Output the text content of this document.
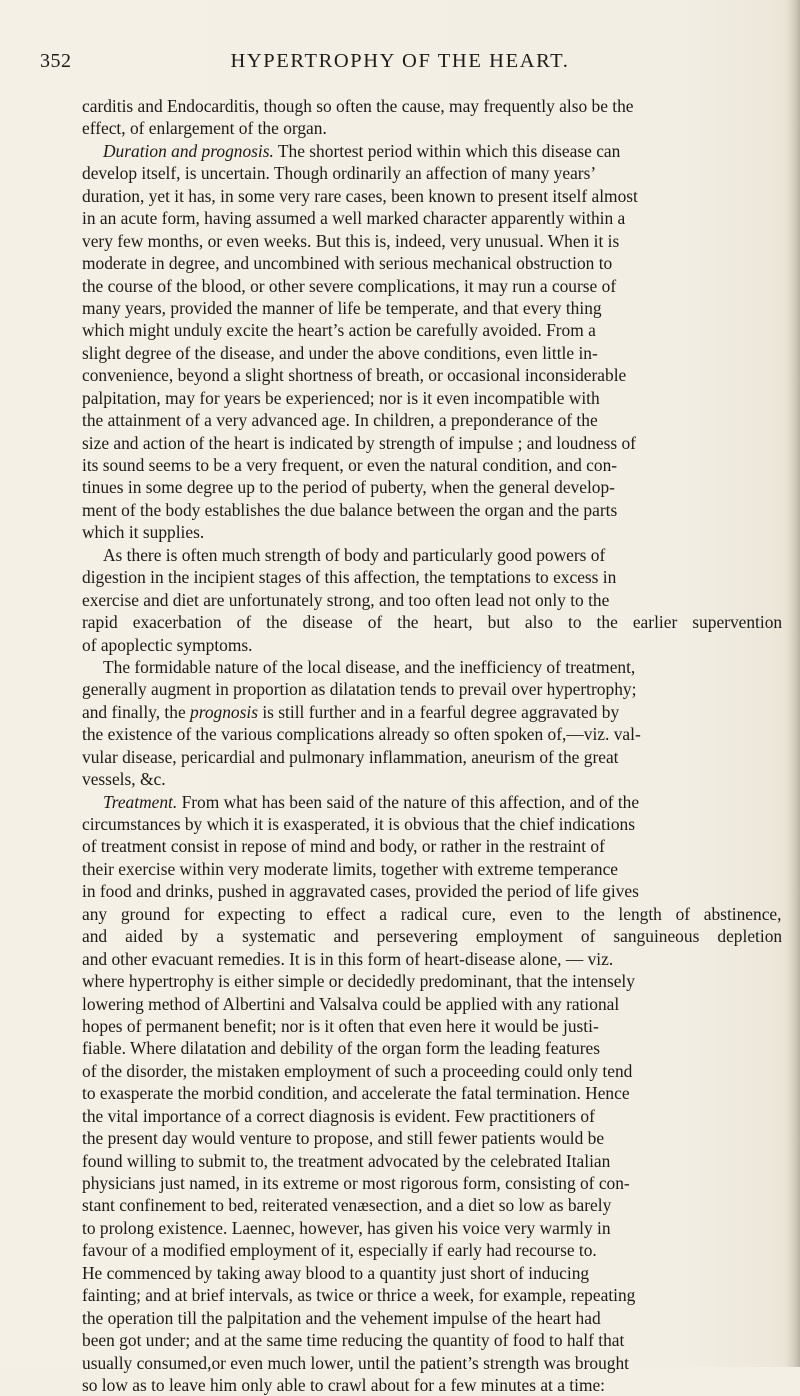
352	HYPERTROPHY OF THE HEART.
carditis and Endocarditis, though so often the cause, may frequently also be the
effect, of enlargement of the organ.
Duration and prognosis. The shortest period within which this disease can
develop itself, is uncertain. Though ordinarily an affection of many years’
duration, yet it has, in some very rare cases, been known to present itself almost
in an acute form, having assumed a well marked character apparently within a
very few months, or even weeks. But this is, indeed, very unusual. When it is
moderate in degree, and uncombined with serious mechanical obstruction to
the course of the blood, or other severe complications, it may run a course of
many years, provided the manner of life be temperate, and that every thing
which might unduly excite the heart’s action be carefully avoided. From a
slight degree of the disease, and under the above conditions, even little in-
convenience, beyond a slight shortness of breath, or occasional inconsiderable
palpitation, may for years be experienced; nor is it even incompatible with
the attainment of a very advanced age. In children, a preponderance of the
size and action of the heart is indicated by strength of impulse ; and loudness of
its sound seems to be a very frequent, or even the natural condition, and con-
tinues in some degree up to the period of puberty, when the general develop-
ment of the body establishes the due balance between the organ and the parts
which it supplies.
As there is often much strength of body and particularly good powers of
digestion in the incipient stages of this affection, the temptations to excess in
exercise and diet are unfortunately strong, and too often lead not only to the
rapid exacerbation of the disease of the heart, but also to the earlier supervention
of apoplectic symptoms.
The formidable nature of the local disease, and the inefficiency of treatment,
generally augment in proportion as dilatation tends to prevail over hypertrophy;
and finally, the prognosis is still further and in a fearful degree aggravated by
the existence of the various complications already so often spoken of,—viz. val-
vular disease, pericardial and pulmonary inflammation, aneurism of the great
vessels, &c.
Treatment. From what has been said of the nature of this affection, and of the
circumstances by which it is exasperated, it is obvious that the chief indications
of treatment consist in repose of mind and body, or rather in the restraint of
their exercise within very moderate limits, together with extreme temperance
in food and drinks, pushed in aggravated cases, provided the period of life gives
any ground for expecting to effect a radical cure, even to the length of abstinence,
and aided by a systematic and persevering employment of sanguineous depletion
and other evacuant remedies. It is in this form of heart-disease alone, — viz.
where hypertrophy is either simple or decidedly predominant, that the intensely
lowering method of Albertini and Valsalva could be applied with any rational
hopes of permanent benefit; nor is it often that even here it would be justi-
fiable. Where dilatation and debility of the organ form the leading features
of the disorder, the mistaken employment of such a proceeding could only tend
to exasperate the morbid condition, and accelerate the fatal termination. Hence
the vital importance of a correct diagnosis is evident. Few practitioners of
the present day would venture to propose, and still fewer patients would be
found willing to submit to, the treatment advocated by the celebrated Italian
physicians just named, in its extreme or most rigorous form, consisting of con-
stant confinement to bed, reiterated venæsection, and a diet so low as barely
to prolong existence. Laennec, however, has given his voice very warmly in
favour of a modified employment of it, especially if early had recourse to.
He commenced by taking away blood to a quantity just short of inducing
fainting; and at brief intervals, as twice or thrice a week, for example, repeating
the operation till the palpitation and the vehement impulse of the heart had
been got under; and at the same time reducing the quantity of food to half that
usually consumed,or even much lower, until the patient’s strength was brought
so low as to leave him only able to crawl about for a few minutes at a time:
